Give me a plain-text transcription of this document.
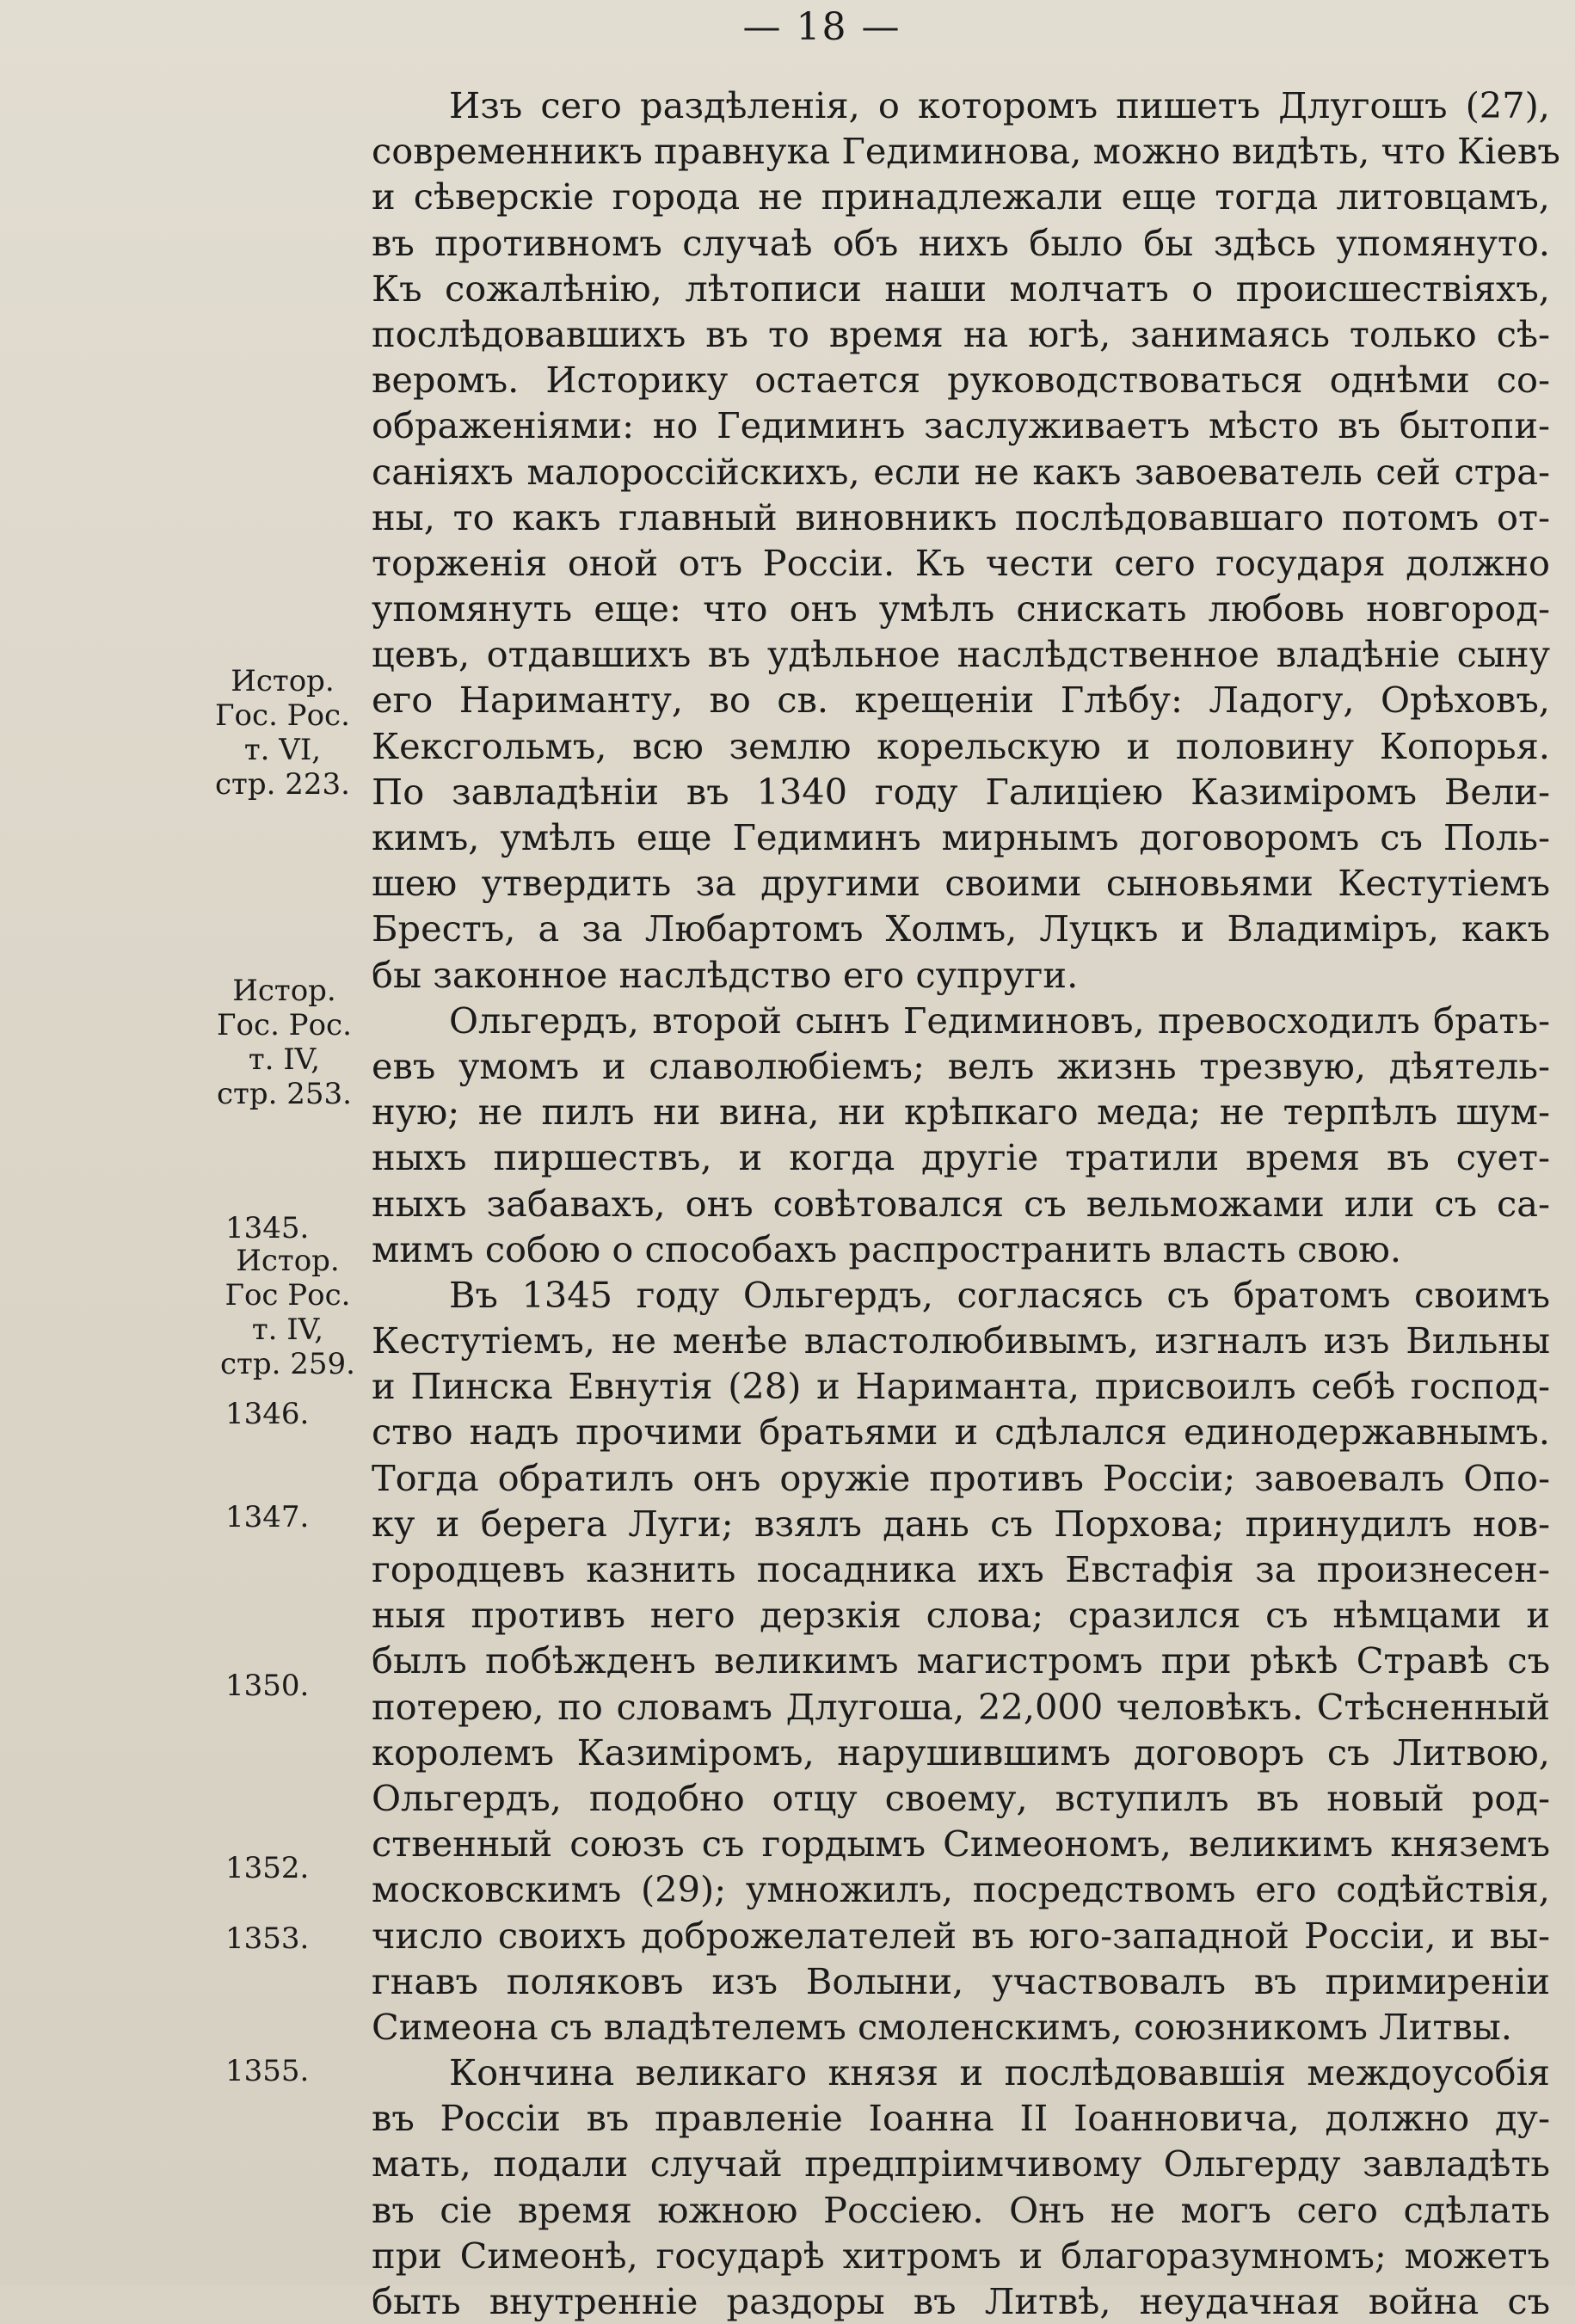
— 18 —
Истор.
Гос. Рос.
т. VI,
стр. 223.
Истор.
Гос. Рос.
т. IV,
стр. 253.
1345.
Истор.
Гос Рос.
т. IV,
стр. 259.
1346.
1347.
1350.
1352.
1353.
1355.
Изъ сего раздѣленія, о которомъ пишетъ Длугошъ (27),
современникъ правнука Гедиминова, можно видѣть, что Кіевъ
и сѣверскіе города не принадлежали еще тогда литовцамъ,
въ противномъ случаѣ объ нихъ было бы здѣсь упомянуто.
Къ сожалѣнію, лѣтописи наши молчатъ о происшествіяхъ,
послѣдовавшихъ въ то время на югѣ, занимаясь только сѣ-
веромъ. Историку остается руководствоваться однѣми со-
ображеніями: но Гедиминъ заслуживаетъ мѣсто въ бытопи-
саніяхъ малороссійскихъ, если не какъ завоеватель сей стра-
ны, то какъ главный виновникъ послѣдовавшаго потомъ от-
торженія оной отъ Россіи. Къ чести сего государя должно
упомянуть еще: что онъ умѣлъ снискать любовь новгород-
цевъ, отдавшихъ въ удѣльное наслѣдственное владѣніе сыну
его Нариманту, во св. крещеніи Глѣбу: Ладогу, Орѣховъ,
Кексгольмъ, всю землю корельскую и половину Копорья.
По завладѣніи въ 1340 году Галиціею Казиміромъ Вели-
кимъ, умѣлъ еще Гедиминъ мирнымъ договоромъ съ Поль-
шею утвердить за другими своими сыновьями Кестутіемъ
Брестъ, а за Любартомъ Холмъ, Луцкъ и Владиміръ, какъ
бы законное наслѣдство его супруги.
Ольгердъ, второй сынъ Гедиминовъ, превосходилъ брать-
евъ умомъ и славолюбіемъ; велъ жизнь трезвую, дѣятель-
ную; не пилъ ни вина, ни крѣпкаго меда; не терпѣлъ шум-
ныхъ пиршествъ, и когда другіе тратили время въ сует-
ныхъ забавахъ, онъ совѣтовался съ вельможами или съ са-
мимъ собою о способахъ распространить власть свою.
Въ 1345 году Ольгердъ, согласясь съ братомъ своимъ
Кестутіемъ, не менѣе властолюбивымъ, изгналъ изъ Вильны
и Пинска Евнутія (28) и Нариманта, присвоилъ себѣ господ-
ство надъ прочими братьями и сдѣлался единодержавнымъ.
Тогда обратилъ онъ оружіе противъ Россіи; завоевалъ Опо-
ку и берега Луги; взялъ дань съ Порхова; принудилъ нов-
городцевъ казнить посадника ихъ Евстафія за произнесен-
ныя противъ него дерзкія слова; сразился съ нѣмцами и
былъ побѣжденъ великимъ магистромъ при рѣкѣ Стравѣ съ
потерею, по словамъ Длугоша, 22,000 человѣкъ. Стѣсненный
королемъ Казиміромъ, нарушившимъ договоръ съ Литвою,
Ольгердъ, подобно отцу своему, вступилъ въ новый род-
ственный союзъ съ гордымъ Симеономъ, великимъ княземъ
московскимъ (29); умножилъ, посредствомъ его содѣйствія,
число своихъ доброжелателей въ юго-западной Россіи, и вы-
гнавъ поляковъ изъ Волыни, участвовалъ въ примиреніи
Симеона съ владѣтелемъ смоленскимъ, союзникомъ Литвы.
Кончина великаго князя и послѣдовавшія междоусобія
въ Россіи въ правленіе Іоанна II Іоанновича, должно ду-
мать, подали случай предпріимчивому Ольгерду завладѣть
въ сіе время южною Россіею. Онъ не могъ сего сдѣлать
при Симеонѣ, государѣ хитромъ и благоразумномъ; можетъ
быть внутренніе раздоры въ Литвѣ, неудачная война съ
